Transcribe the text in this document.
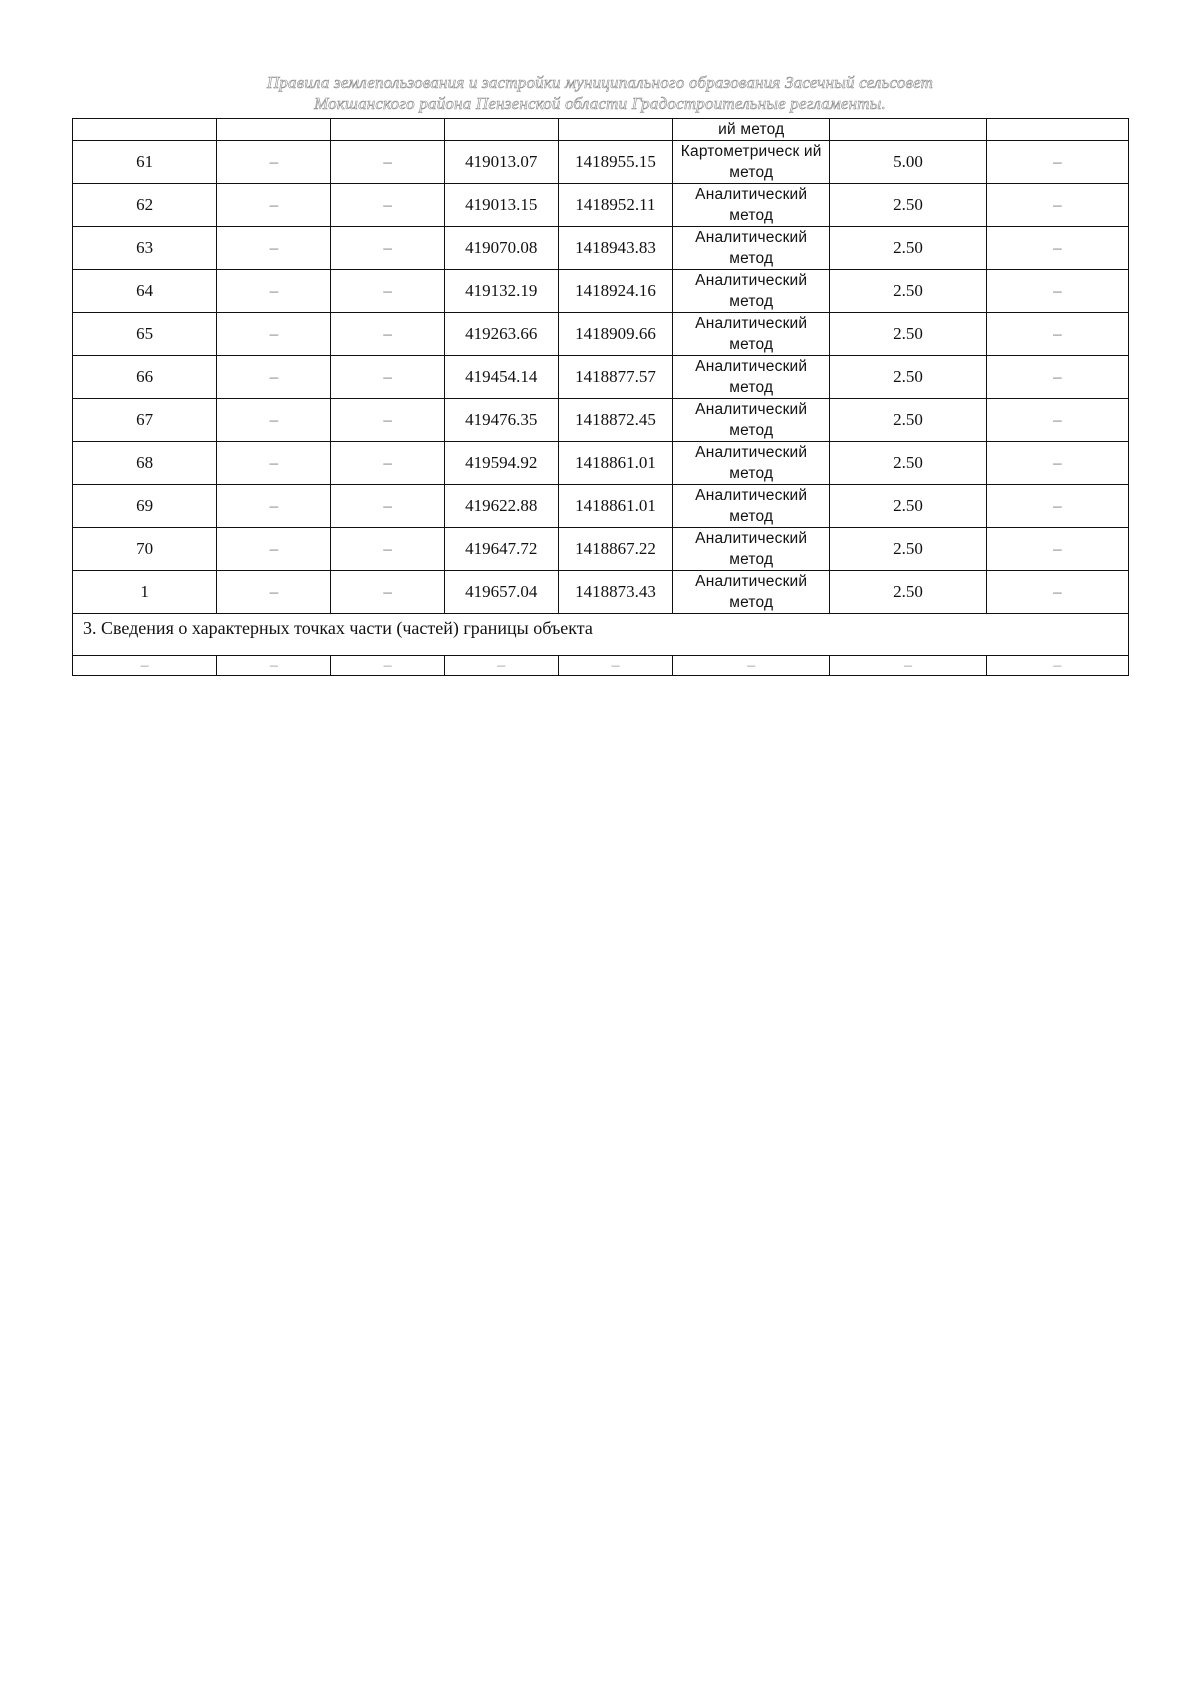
Правила землепользования и застройки муниципального образования Засечный сельсовет
Мокшанского района Пензенской области Градостроительные регламенты.
					ий метод		
61	–	–	419013.07	1418955.15	Картометрическ ий метод	5.00	–
62	–	–	419013.15	1418952.11	Аналитический метод	2.50	–
63	–	–	419070.08	1418943.83	Аналитический метод	2.50	–
64	–	–	419132.19	1418924.16	Аналитический метод	2.50	–
65	–	–	419263.66	1418909.66	Аналитический метод	2.50	–
66	–	–	419454.14	1418877.57	Аналитический метод	2.50	–
67	–	–	419476.35	1418872.45	Аналитический метод	2.50	–
68	–	–	419594.92	1418861.01	Аналитический метод	2.50	–
69	–	–	419622.88	1418861.01	Аналитический метод	2.50	–
70	–	–	419647.72	1418867.22	Аналитический метод	2.50	–
1	–	–	419657.04	1418873.43	Аналитический метод	2.50	–
3. Сведения о характерных точках части (частей) границы объекта							
–	–	–	–	–	–	–	–
